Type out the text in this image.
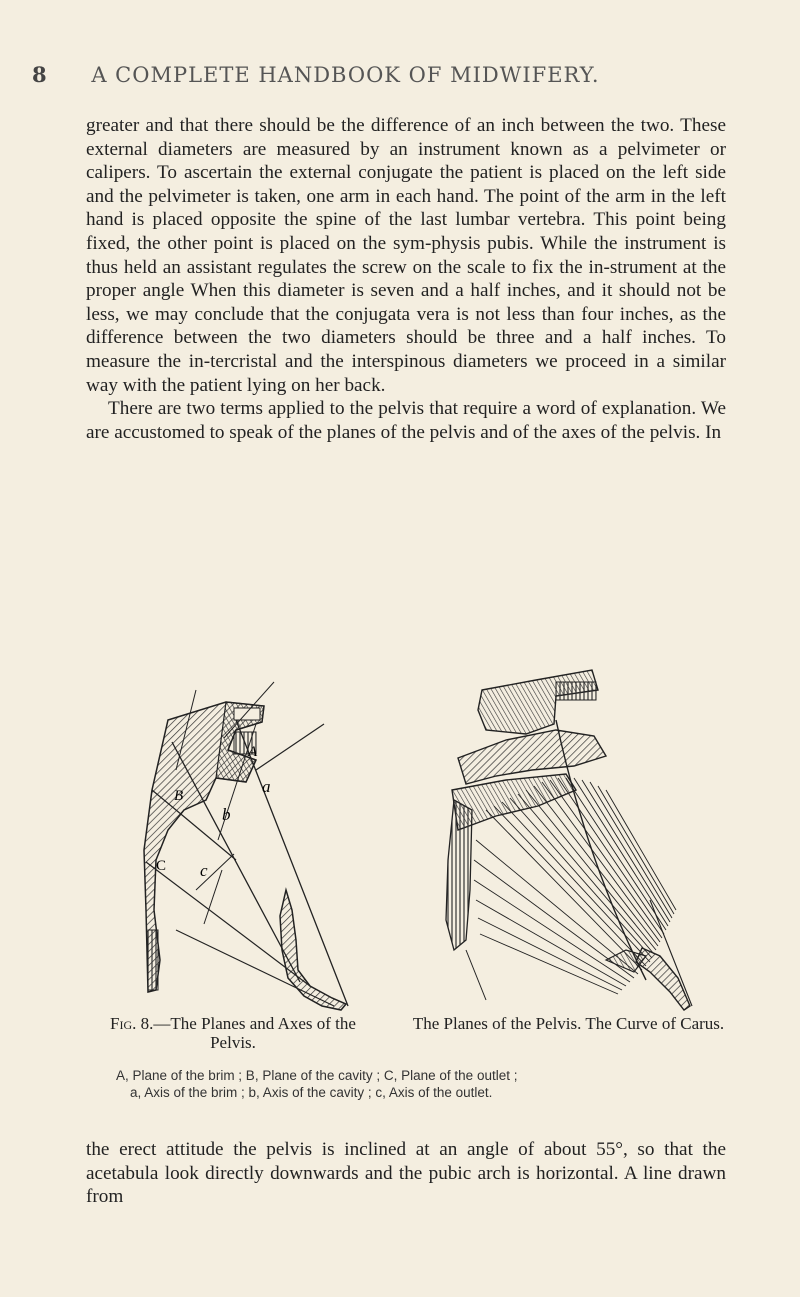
8 A COMPLETE HANDBOOK OF MIDWIFERY.

greater and that there should be the difference of an inch between the two. These external diameters are measured by an instrument known as a pelvimeter or calipers. To ascertain the external conjugate the patient is placed on the left side and the pelvimeter is taken, one arm in each hand. The point of the arm in the left hand is placed opposite the spine of the last lumbar vertebra. This point being fixed, the other point is placed on the sym-physis pubis. While the instrument is thus held an assistant regulates the screw on the scale to fix the in-strument at the proper angle When this diameter is seven and a half inches, and it should not be less, we may conclude that the conjugata vera is not less than four inches, as the difference between the two diameters should be three and a half inches. To measure the in-tercristal and the interspinous diameters we proceed in a similar way with the patient lying on her back.

There are two terms applied to the pelvis that require a word of explanation. We are accustomed to speak of the planes of the pelvis and of the axes of the pelvis. In

A
B
C
a
b
c
Fig. 8.—The Planes and Axes of the Pelvis.
The Planes of the Pelvis. The Curve of Carus.
A, Plane of the brim ; B, Plane of the cavity ; C, Plane of the outlet ;
a, Axis of the brim ; b, Axis of the cavity ; c, Axis of the outlet.

the erect attitude the pelvis is inclined at an angle of about 55°, so that the acetabula look directly downwards and the pubic arch is horizontal. A line drawn from
